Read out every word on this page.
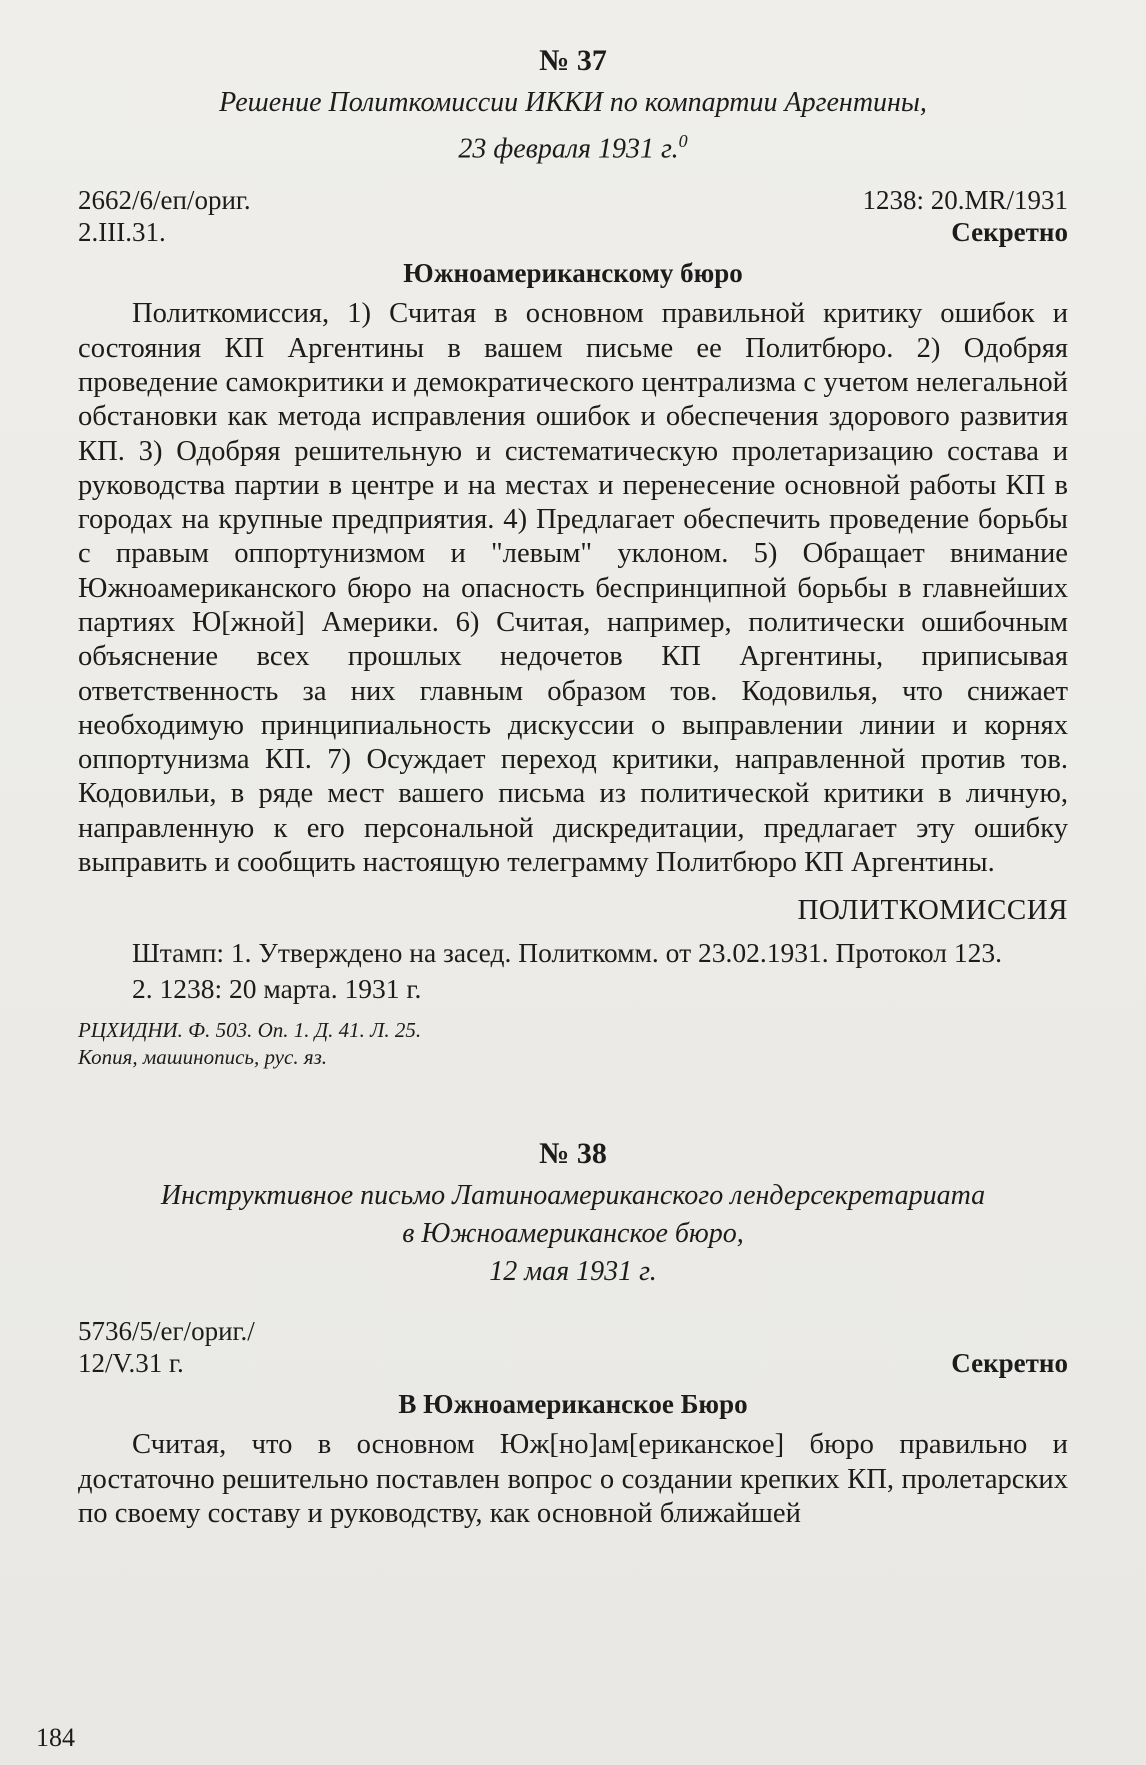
№ 37

Решение Политкомиссии ИККИ по компартии Аргентины,
23 февраля 1931 г.$^0$

2662/6/еп/ориг.
2.III.31.
1238: 20.MR/1931
Секретно
Южноамериканскому бюро

Политкомиссия, 1) Считая в основном правильной критику ошибок и состояния КП Аргентины в вашем письме ее Политбюро. 2) Одобряя проведение самокритики и демократического централизма с учетом нелегальной обстановки как метода исправления ошибок и обеспечения здорового развития КП. 3) Одобряя решительную и систематическую пролетаризацию состава и руководства партии в центре и на местах и перенесение основной работы КП в городах на крупные предприятия. 4) Предлагает обеспечить проведение борьбы с правым оппортунизмом и "левым" уклоном. 5) Обращает внимание Южноамериканского бюро на опасность беспринципной борьбы в главнейших партиях Ю[жной] Америки. 6) Считая, например, политически ошибочным объяснение всех прошлых недочетов КП Аргентины, приписывая ответственность за них главным образом тов. Кодовилья, что снижает необходимую принципиальность дискуссии о выправлении линии и корнях оппортунизма КП. 7) Осуждает переход критики, направленной против тов. Кодовильи, в ряде мест вашего письма из политической критики в личную, направленную к его персональной дискредитации, предлагает эту ошибку выправить и сообщить настоящую телеграмму Политбюро КП Аргентины.

ПОЛИТКОМИССИЯ

Штамп: 1. Утверждено на засед. Политкомм. от 23.02.1931. Протокол 123.

2. 1238: 20 марта. 1931 г.

РЦХИДНИ. Ф. 503. Оп. 1. Д. 41. Л. 25.
Копия, машинопись, рус. яз.
№ 38

Инструктивное письмо Латиноамериканского лендерсекретариата
в Южноамериканское бюро,
12 мая 1931 г.

5736/5/ег/ориг./
12/V.31 г.	Секретно
В Южноамериканское Бюро

Считая, что в основном Юж[но]ам[ериканское] бюро правильно и достаточно решительно поставлен вопрос о создании крепких КП, пролетарских по своему составу и руководству, как основной ближайшей

184
